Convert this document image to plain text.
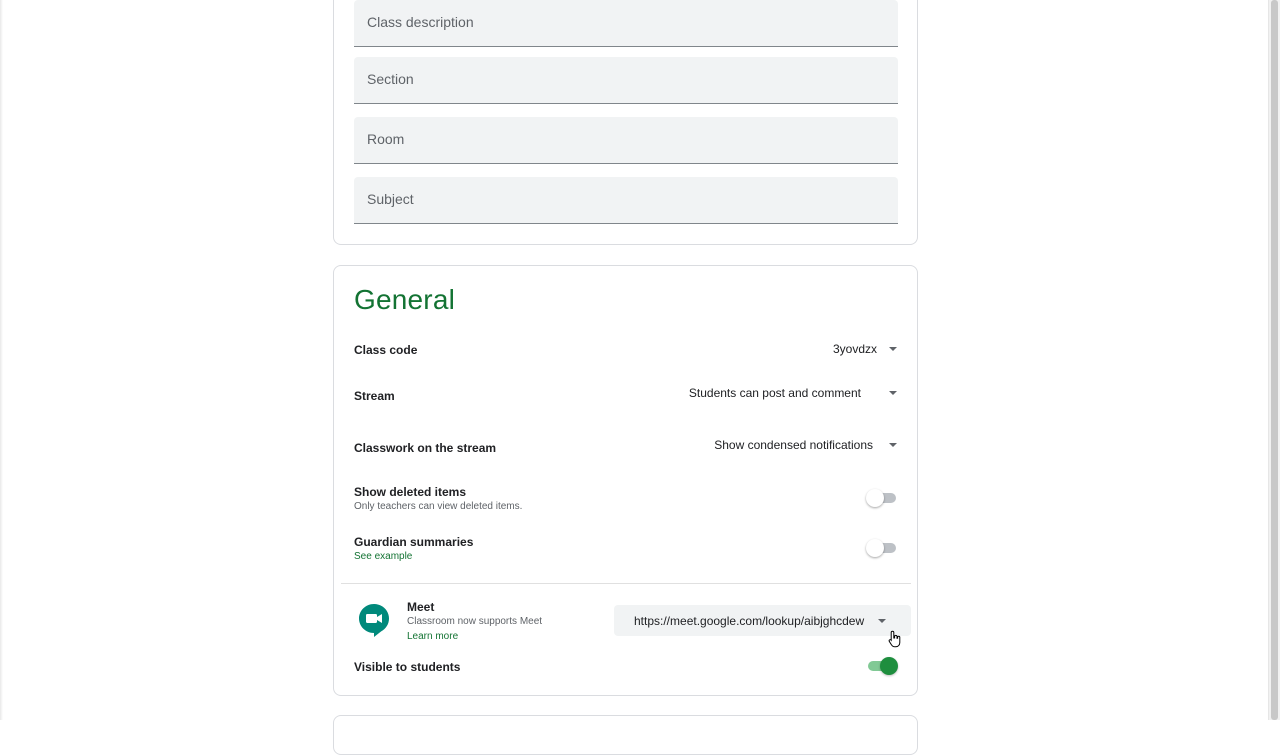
Class description
Section
Room
Subject
General
Class code	3yovdzx
Stream	Students can post and comment
Classwork on the stream	Show condensed notifications
Show deleted items
Only teachers can view deleted items.
Guardian summaries
See example
Meet
Classroom now supports Meet
Learn more
https://meet.google.com/lookup/aibjghcdew
Visible to students
